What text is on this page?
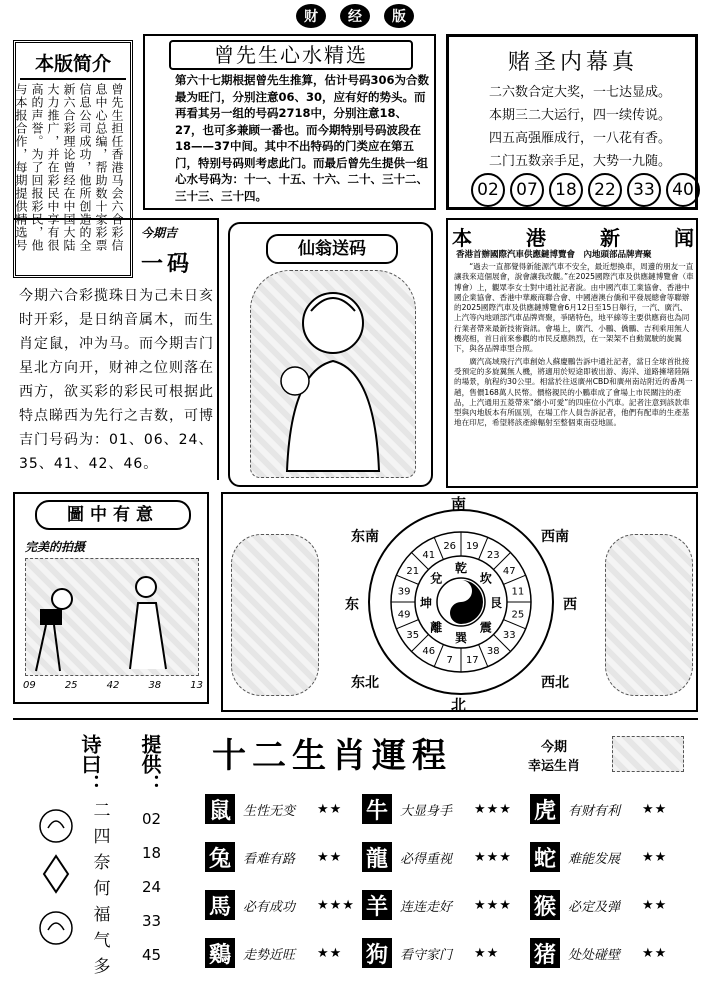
财	经	版
本版简介
曾先生担任香港马会六合彩信
息中心总编，帮助数十家彩票
信息公司成功，他所创造的全
新六合彩理论曾经在中国大陆
大力推广，并在彩民中享有很
高的声誉。为了回报彩民，他
与本报合作，每期提供精选号
曾先生心水精选
第六十七期根据曾先生推算，估计号码306为合数最为旺门，分别注意06、30，应有好的势头。而再看其另一组的号码2718中，分别注意18、27，也可多兼顾一番也。而今期特别号码波段在18——37中间。其中不出特码的门类应在第五门，特别号码则考虑此门。而最后曾先生提供一组心水号码为：十一、十五、十六、二十、三十二、三十三、三十四。
赌圣内幕真
二六数合定大奖，一七达显成。
本期三二大运行，四一续传说。
四五高强雁成行，一八花有香。
二门五数亲手足，大势一九随。
02 07 18 22 33 40
今期吉
一码
今期六合彩揽珠日为己未日亥时开彩，是日纳音属木，而生肖定鼠，冲为马。而今期吉门星北方向开，财神之位则落在西方，欲买彩的彩民可根据此特点睇西为先行之吉数，可博吉门号码为：01、06、24、35、41、42、46。
仙翁送码	本	港	新	闻
香港首辦國際汽車供應鏈博覽會　內地頭部品牌齊聚

“過去一直都覺得新能源汽車不安全，最近想換車，周邊的朋友一直讓我來這個展會，說會讓我改觀。”在2025國際汽車及供應鏈博覽會（車博會）上，觀眾李女士對中通社記者說。由中國汽車工業協會、香港中國企業協會、香港中華廠商聯合會、中國港澳台僑和平發展總會等聯辦的2025國際汽車及供應鏈博覽會6月12日至15日舉行，一汽、廣汽、上汽等內地頭部汽車品牌齊聚，爭睹特色，地平線等主要供應商也為同行業者帶來最新技術資訊。會場上，廣汽、小鵬、僑鵬、吉利乘用無人機亮相，首日前來參觀的市民反應熱烈，在一架架不自動駕駛的旋翼下，與各品牌車型合照。

廣汽高域飛行汽車創始人蘇慶鵬告訴中通社記者，當日全球首批接受預定的多旋翼無人機，將適用於短途即被出游、海洋、道路擁堵陸隔的場景，航程約30公里。相當於往返廣州CBD和廣州南站附近的番禺一趟，售價168萬人民幣。價格親民的小鵬車成了會場上市民關注的產品，上汽通用五菱帶來“繽小可愛”的四座位小汽車。記者注意到該款車型與內地版本有所區別，在場工作人員告訴記者，他們有配車的生產基地在印尼，希望將該產線輻射至整個東南亞地區。

圖中有意
完美的拍摄
09	25	42	38	13
乾
坎
艮
震
巽
離
坤
兌
19
23
47
11
25
33
38
17
7
46
35
49
39
21
41
26
南
东南	西南
东	西
东北	西北
北
诗曰：
二
四
奈
何
福
气
多
提供：
02
18
24
33
45
十二生肖運程	今期
幸运生肖
鼠 生性无变	★★ 牛 大显身手	★★★ 虎 有财有利	★★
兔 看难有路	★★ 龍 必得重视	★★★ 蛇 难能发展	★★
馬 必有成功	★★★ 羊 连连走好	★★★ 猴 必定及弹	★★
鷄 走势近旺	★★ 狗 看守家门	★★ 猪 处处碰壁	★★
